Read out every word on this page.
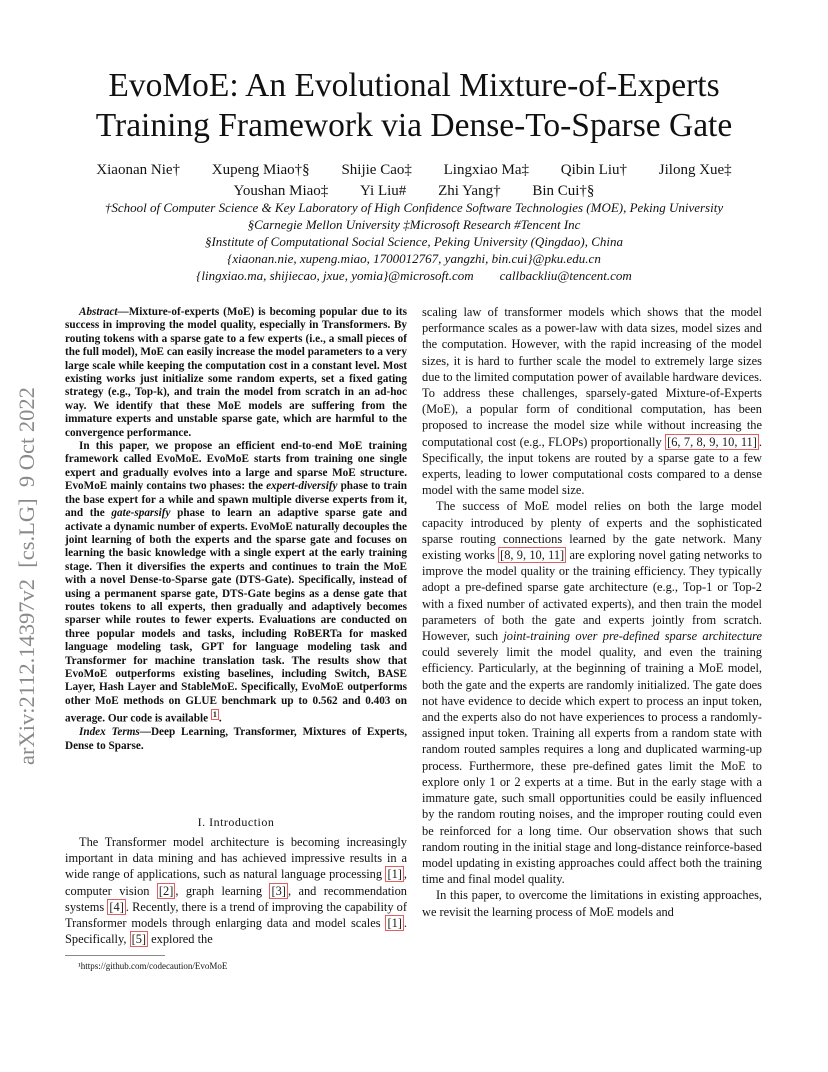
EvoMoE: An Evolutional Mixture-of-Experts
Training Framework via Dense-To-Sparse Gate
Xiaonan Nie† Xupeng Miao†§ Shijie Cao‡ Lingxiao Ma‡ Qibin Liu† Jilong Xue‡
Youshan Miao‡ Yi Liu# Zhi Yang† Bin Cui†§
†School of Computer Science & Key Laboratory of High Confidence Software Technologies (MOE), Peking University
§Carnegie Mellon University ‡Microsoft Research #Tencent Inc
§Institute of Computational Social Science, Peking University (Qingdao), China
{xiaonan.nie, xupeng.miao, 1700012767, yangzhi, bin.cui}@pku.edu.cn
{lingxiao.ma, shijiecao, jxue, yomia}@microsoft.com        callbackliu@tencent.com
arXiv:2112.14397v2  [cs.LG]  9 Oct 2022

Abstract—Mixture-of-experts (MoE) is becoming popular due to its success in improving the model quality, especially in Transformers. By routing tokens with a sparse gate to a few experts (i.e., a small pieces of the full model), MoE can easily increase the model parameters to a very large scale while keeping the computation cost in a constant level. Most existing works just initialize some random experts, set a fixed gating strategy (e.g., Top-k), and train the model from scratch in an ad-hoc way. We identify that these MoE models are suffering from the immature experts and unstable sparse gate, which are harmful to the convergence performance.

In this paper, we propose an efficient end-to-end MoE training framework called EvoMoE. EvoMoE starts from training one single expert and gradually evolves into a large and sparse MoE structure. EvoMoE mainly contains two phases: the expert-diversify phase to train the base expert for a while and spawn multiple diverse experts from it, and the gate-sparsify phase to learn an adaptive sparse gate and activate a dynamic number of experts. EvoMoE naturally decouples the joint learning of both the experts and the sparse gate and focuses on learning the basic knowledge with a single expert at the early training stage. Then it diversifies the experts and continues to train the MoE with a novel Dense-to-Sparse gate (DTS-Gate). Specifically, instead of using a permanent sparse gate, DTS-Gate begins as a dense gate that routes tokens to all experts, then gradually and adaptively becomes sparser while routes to fewer experts. Evaluations are conducted on three popular models and tasks, including RoBERTa for masked language modeling task, GPT for language modeling task and Transformer for machine translation task. The results show that EvoMoE outperforms existing baselines, including Switch, BASE Layer, Hash Layer and StableMoE. Specifically, EvoMoE outperforms other MoE methods on GLUE benchmark up to 0.562 and 0.403 on average. Our code is available $^1$ .

Index Terms—Deep Learning, Transformer, Mixtures of Experts, Dense to Sparse.

I. Introduction

The Transformer model architecture is becoming increasingly important in data mining and has achieved impressive results in a wide range of applications, such as natural language processing [1] , computer vision [2] , graph learning [3] , and recommendation systems [4] . Recently, there is a trend of improving the capability of Transformer models through enlarging data and model scales [1] . Specifically, [5] explored the

¹https://github.com/codecaution/EvoMoE

scaling law of transformer models which shows that the model performance scales as a power-law with data sizes, model sizes and the computation. However, with the rapid increasing of the model sizes, it is hard to further scale the model to extremely large sizes due to the limited computation power of available hardware devices. To address these challenges, sparsely-gated Mixture-of-Experts (MoE), a popular form of conditional computation, has been proposed to increase the model size while without increasing the computational cost (e.g., FLOPs) proportionally [6, 7, 8, 9, 10, 11] . Specifically, the input tokens are routed by a sparse gate to a few experts, leading to lower computational costs compared to a dense model with the same model size.

The success of MoE model relies on both the large model capacity introduced by plenty of experts and the sophisticated sparse routing connections learned by the gate network. Many existing works [8, 9, 10, 11] are exploring novel gating networks to improve the model quality or the training efficiency. They typically adopt a pre-defined sparse gate architecture (e.g., Top-1 or Top-2 with a fixed number of activated experts), and then train the model parameters of both the gate and experts jointly from scratch. However, such joint-training over pre-defined sparse architecture could severely limit the model quality, and even the training efficiency. Particularly, at the beginning of training a MoE model, both the gate and the experts are randomly initialized. The gate does not have evidence to decide which expert to process an input token, and the experts also do not have experiences to process a randomly-assigned input token. Training all experts from a random state with random routed samples requires a long and duplicated warming-up process. Furthermore, these pre-defined gates limit the MoE to explore only 1 or 2 experts at a time. But in the early stage with a immature gate, such small opportunities could be easily influenced by the random routing noises, and the improper routing could even be reinforced for a long time. Our observation shows that such random routing in the initial stage and long-distance reinforce-based model updating in existing approaches could affect both the training time and final model quality.

In this paper, to overcome the limitations in existing approaches, we revisit the learning process of MoE models and
